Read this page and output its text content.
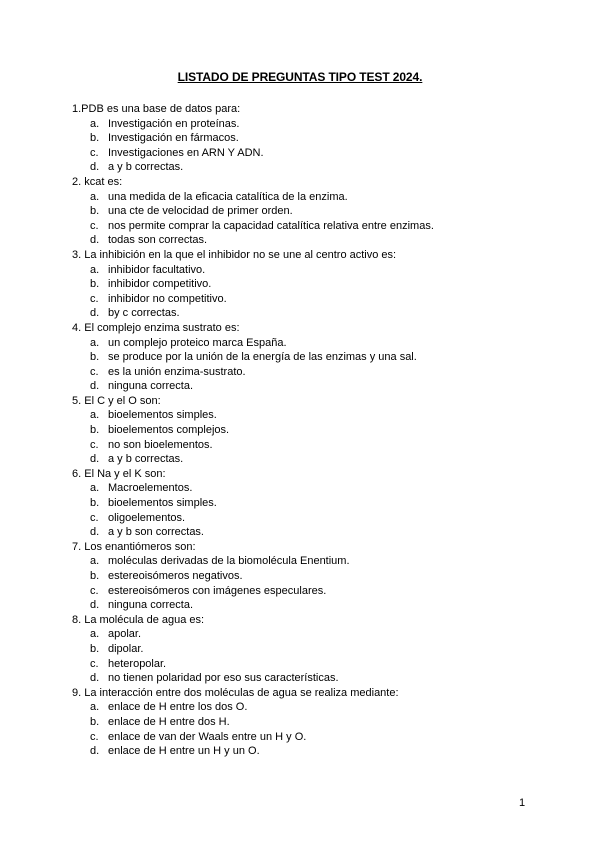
LISTADO DE PREGUNTAS TIPO TEST 2024.
1.PDB es una base de datos para:
a. Investigación en proteínas.
b. Investigación en fármacos.
c. Investigaciones en ARN Y ADN.
d. a y b correctas.
2. kcat es:
a. una medida de la eficacia catalítica de la enzima.
b. una cte de velocidad de primer orden.
c. nos permite comprar la capacidad catalítica relativa entre enzimas.
d. todas son correctas.
3. La inhibición en la que el inhibidor no se une al centro activo es:
a. inhibidor facultativo.
b. inhibidor competitivo.
c. inhibidor no competitivo.
d. by c correctas.
4. El complejo enzima sustrato es:
a. un complejo proteico marca España.
b. se produce por la unión de la energía de las enzimas y una sal.
c. es la unión enzima-sustrato.
d. ninguna correcta.
5. El C y el O son:
a. bioelementos simples.
b. bioelementos complejos.
c. no son bioelementos.
d. a y b correctas.
6. El Na y el K son:
a. Macroelementos.
b. bioelementos simples.
c. oligoelementos.
d. a y b son correctas.
7. Los enantiómeros son:
a. moléculas derivadas de la biomolécula Enentium.
b. estereoisómeros negativos.
c. estereoisómeros con imágenes especulares.
d. ninguna correcta.
8. La molécula de agua es:
a. apolar.
b. dipolar.
c. heteropolar.
d. no tienen polaridad por eso sus características.
9. La interacción entre dos moléculas de agua se realiza mediante:
a. enlace de H entre los dos O.
b. enlace de H entre dos H.
c. enlace de van der Waals entre un H y O.
d. enlace de H entre un H y un O.
1
